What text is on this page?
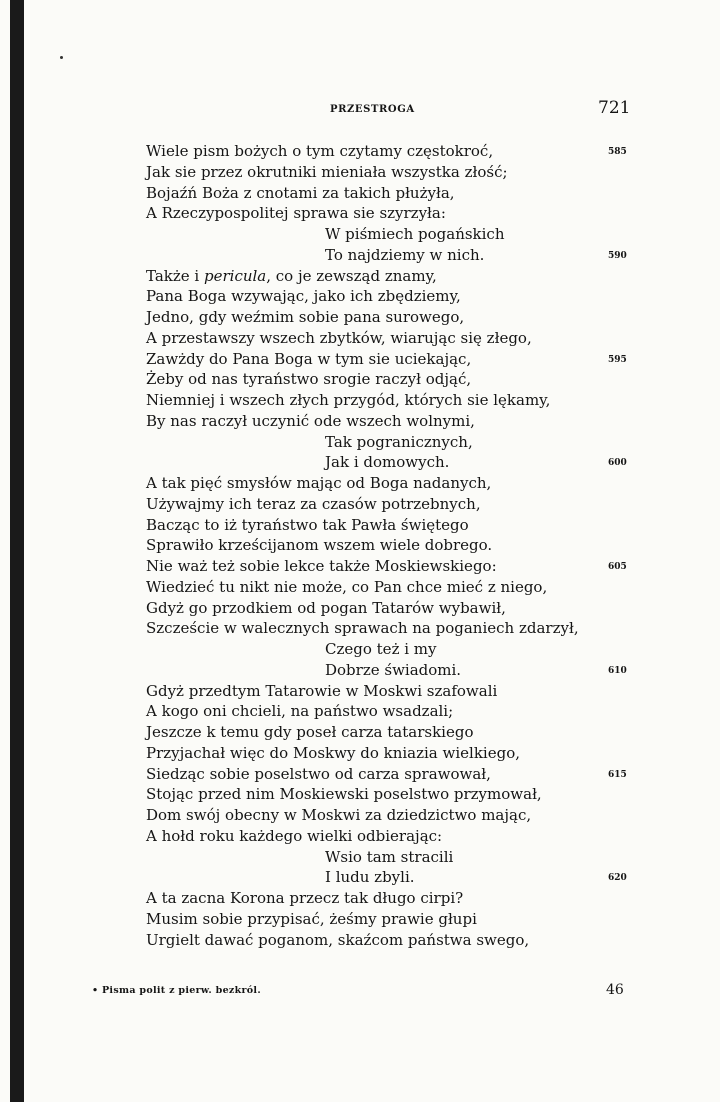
PRZESTROGA	721
Wiele pism bożych o tym czytamy częstokroć,	585
Jak sie przez okrutniki mieniała wszystka złość;
Bojaźń Boża z cnotami za takich płużyła,
A Rzeczypospolitej sprawa sie szyrzyła:
W piśmiech pogańskich
To najdziemy w nich.	590
Także i pericula, co je zewsząd znamy,
Pana Boga wzywając, jako ich zbędziemy,
Jedno, gdy weźmim sobie pana surowego,
A przestawszy wszech zbytków, wiarując się złego,
Zawżdy do Pana Boga w tym sie uciekając,	595
Żeby od nas tyraństwo srogie raczył odjąć,
Niemniej i wszech złych przygód, których sie lękamy,
By nas raczył uczynić ode wszech wolnymi,
Tak pogranicznych,
Jak i domowych.	600
A tak pięć smysłów mając od Boga nadanych,
Używajmy ich teraz za czasów potrzebnych,
Bacząc to iż tyraństwo tak Pawła świętego
Sprawiło krześcijanom wszem wiele dobrego.
Nie waż też sobie lekce także Moskiewskiego:	605
Wiedzieć tu nikt nie może, co Pan chce mieć z niego,
Gdyż go przodkiem od pogan Tatarów wybawił,
Szczeście w walecznych sprawach na poganiech zdarzył,
Czego też i my
Dobrze świadomi.	610
Gdyż przedtym Tatarowie w Moskwi szafowali
A kogo oni chcieli, na państwo wsadzali;
Jeszcze k temu gdy poseł carza tatarskiego
Przyjachał więc do Moskwy do kniazia wielkiego,
Siedząc sobie poselstwo od carza sprawował,	615
Stojąc przed nim Moskiewski poselstwo przymował,
Dom swój obecny w Moskwi za dziedzictwo mając,
A hołd roku każdego wielki odbierając:
Wsio tam stracili
I ludu zbyli.	620
A ta zacna Korona przecz tak długo cirpi?
Musim sobie przypisać, żeśmy prawie głupi
Urgielt dawać poganom, skaźcom państwa swego,
• Pisma polit z pierw. bezkról.	46
